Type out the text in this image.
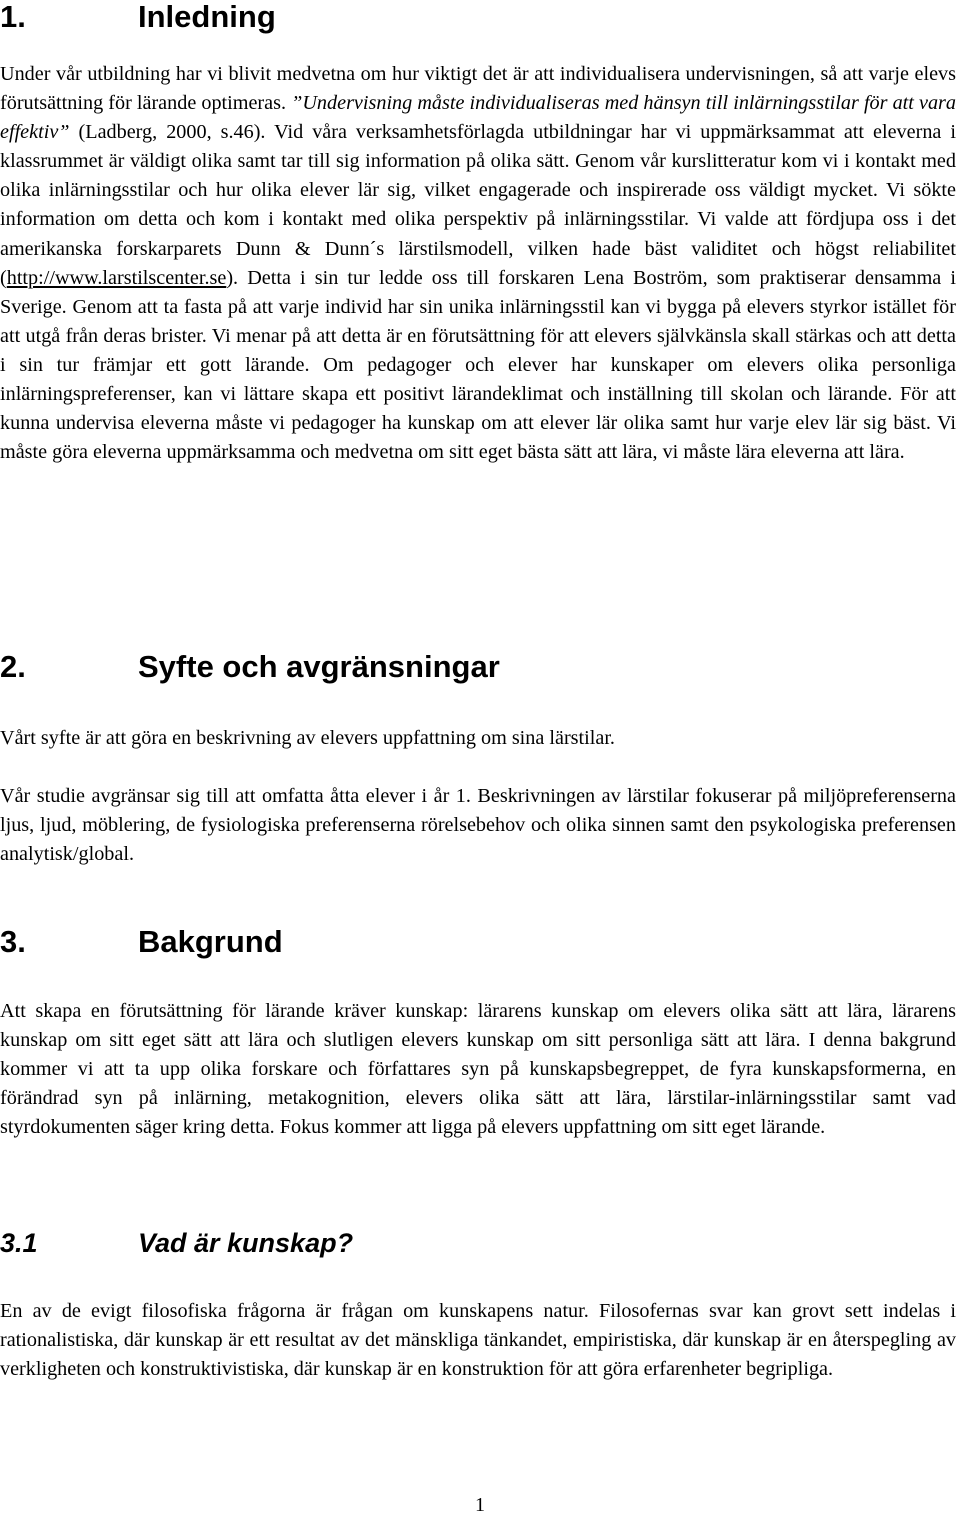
1.	Inledning

Under vår utbildning har vi blivit medvetna om hur viktigt det är att individualisera undervisningen, så att varje elevs förutsättning för lärande optimeras. ”Undervisning måste individualiseras med hänsyn till inlärningsstilar för att vara effektiv” (Ladberg, 2000, s.46). Vid våra verksamhetsförlagda utbildningar har vi uppmärksammat att eleverna i klassrummet är väldigt olika samt tar till sig information på olika sätt. Genom vår kurslitteratur kom vi i kontakt med olika inlärningsstilar och hur olika elever lär sig, vilket engagerade och inspirerade oss väldigt mycket. Vi sökte information om detta och kom i kontakt med olika perspektiv på inlärningsstilar. Vi valde att fördjupa oss i det amerikanska forskarparets Dunn & Dunn´s lärstilsmodell, vilken hade bäst validitet och högst reliabilitet (http://www.larstilscenter.se). Detta i sin tur ledde oss till forskaren Lena Boström, som praktiserar densamma i Sverige. Genom att ta fasta på att varje individ har sin unika inlärningsstil kan vi bygga på elevers styrkor istället för att utgå från deras brister. Vi menar på att detta är en förutsättning för att elevers självkänsla skall stärkas och att detta i sin tur främjar ett gott lärande. Om pedagoger och elever har kunskaper om elevers olika personliga inlärningspreferenser, kan vi lättare skapa ett positivt lärandeklimat och inställning till skolan och lärande. För att kunna undervisa eleverna måste vi pedagoger ha kunskap om att elever lär olika samt hur varje elev lär sig bäst. Vi måste göra eleverna uppmärksamma och medvetna om sitt eget bästa sätt att lära, vi måste lära eleverna att lära.

2.	Syfte och avgränsningar

Vårt syfte är att göra en beskrivning av elevers uppfattning om sina lärstilar.

Vår studie avgränsar sig till att omfatta åtta elever i år 1. Beskrivningen av lärstilar fokuserar på miljöpreferenserna ljus, ljud, möblering, de fysiologiska preferenserna rörelsebehov och olika sinnen samt den psykologiska preferensen analytisk/global.

3.	Bakgrund

Att skapa en förutsättning för lärande kräver kunskap: lärarens kunskap om elevers olika sätt att lära, lärarens kunskap om sitt eget sätt att lära och slutligen elevers kunskap om sitt personliga sätt att lära. I denna bakgrund kommer vi att ta upp olika forskare och författares syn på kunskapsbegreppet, de fyra kunskapsformerna, en förändrad syn på inlärning, metakognition, elevers olika sätt att lära, lärstilar-inlärningsstilar samt vad styrdokumenten säger kring detta. Fokus kommer att ligga på elevers uppfattning om sitt eget lärande.

3.1	Vad är kunskap?

En av de evigt filosofiska frågorna är frågan om kunskapens natur. Filosofernas svar kan grovt sett indelas i rationalistiska, där kunskap är ett resultat av det mänskliga tänkandet, empiristiska, där kunskap är en återspegling av verkligheten och konstruktivistiska, där kunskap är en konstruktion för att göra erfarenheter begripliga.

1
